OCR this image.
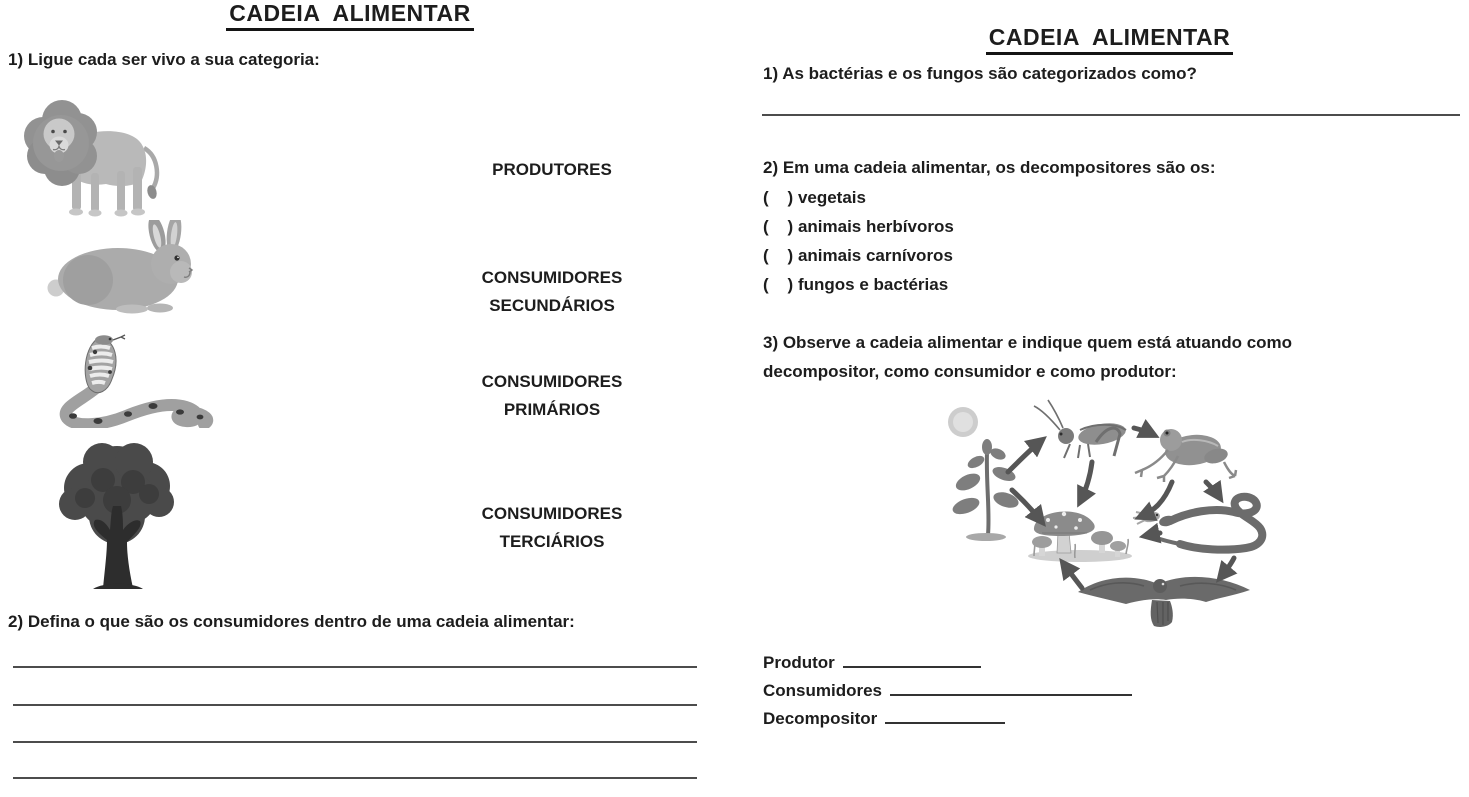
CADEIA  ALIMENTAR
1) Ligue cada ser vivo a sua categoria:
PRODUTORES
CONSUMIDORES
SECUNDÁRIOS
CONSUMIDORES
PRIMÁRIOS
CONSUMIDORES
TERCIÁRIOS
2) Defina o que são os consumidores dentro de uma cadeia alimentar:
CADEIA  ALIMENTAR
1) As bactérias e os fungos são categorizados como?
2) Em uma cadeia alimentar, os decompositores são os:
(    ) vegetais
(    ) animais herbívoros
(    ) animais carnívoros
(    ) fungos e bactérias
3) Observe a cadeia alimentar e indique quem está atuando como decompositor, como consumidor e como produtor:
Produtor
Consumidores
Decompositor
